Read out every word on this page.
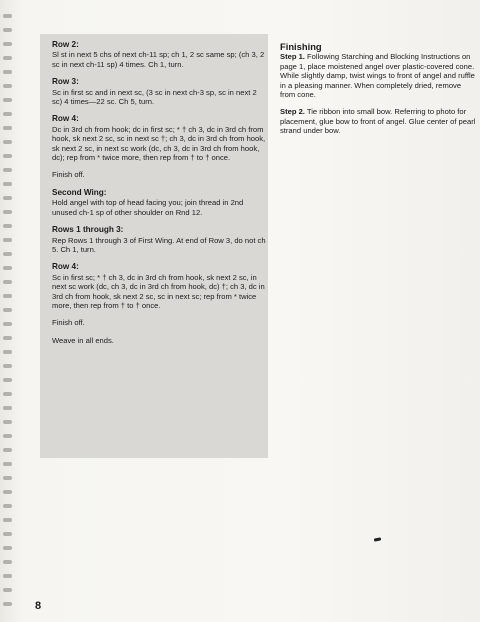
Row 2:
Sl st in next 5 chs of next ch-11 sp; ch 1, 2 sc same sp; (ch 3, 2 sc in next ch-11 sp) 4 times. Ch 1, turn.
Row 3:
Sc in first sc and in next sc, (3 sc in next ch-3 sp, sc in next 2 sc) 4 times—22 sc. Ch 5, turn.
Row 4:
Dc in 3rd ch from hook; dc in first sc; * † ch 3, dc in 3rd ch from hook, sk next 2 sc, sc in next sc †; ch 3, dc in 3rd ch from hook, sk next 2 sc, in next sc work (dc, ch 3, dc in 3rd ch from hook, dc); rep from * twice more, then rep from † to † once.
Finish off.
Second Wing:
Hold angel with top of head facing you; join thread in 2nd unused ch-1 sp of other shoulder on Rnd 12.
Rows 1 through 3:
Rep Rows 1 through 3 of First Wing. At end of Row 3, do not ch 5. Ch 1, turn.
Row 4:
Sc in first sc; * † ch 3, dc in 3rd ch from hook, sk next 2 sc, in next sc work (dc, ch 3, dc in 3rd ch from hook, dc) †; ch 3, dc in 3rd ch from hook, sk next 2 sc, sc in next sc; rep from * twice more, then rep from † to † once.
Finish off.
Weave in all ends.
Finishing
Step 1. Following Starching and Blocking Instructions on page 1, place moistened angel over plastic-covered cone. While slightly damp, twist wings to front of angel and ruffle in a pleasing manner. When completely dried, remove from cone.
Step 2. Tie ribbon into small bow. Referring to photo for placement, glue bow to front of angel. Glue center of pearl strand under bow.
8
